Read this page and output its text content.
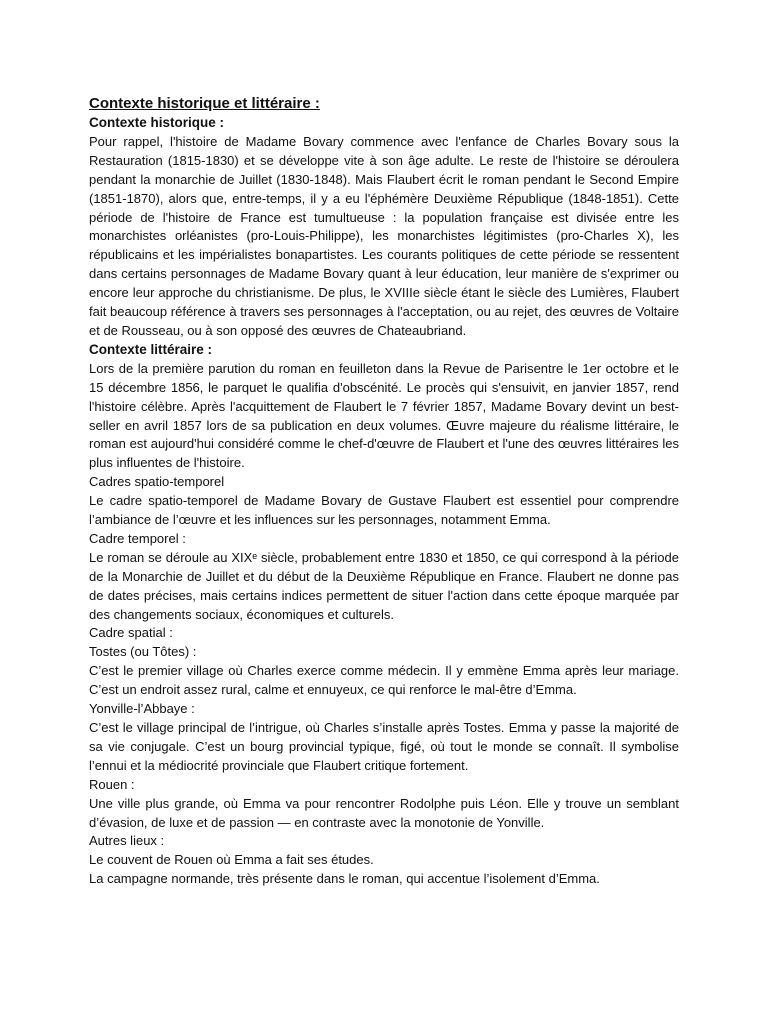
Contexte historique et littéraire :

Contexte historique :

Pour rappel, l'histoire de Madame Bovary commence avec l'enfance de Charles Bovary sous la Restauration (1815-1830) et se développe vite à son âge adulte. Le reste de l'histoire se déroulera pendant la monarchie de Juillet (1830-1848). Mais Flaubert écrit le roman pendant le Second Empire (1851-1870), alors que, entre-temps, il y a eu l'éphémère Deuxième République (1848-1851). Cette période de l'histoire de France est tumultueuse : la population française est divisée entre les monarchistes orléanistes (pro-Louis-Philippe), les monarchistes légitimistes (pro-Charles X), les républicains et les impérialistes bonapartistes. Les courants politiques de cette période se ressentent dans certains personnages de Madame Bovary quant à leur éducation, leur manière de s'exprimer ou encore leur approche du christianisme. De plus, le XVIIIe siècle étant le siècle des Lumières, Flaubert fait beaucoup référence à travers ses personnages à l'acceptation, ou au rejet, des œuvres de Voltaire et de Rousseau, ou à son opposé des œuvres de Chateaubriand.

Contexte littéraire :

Lors de la première parution du roman en feuilleton dans la Revue de Parisentre le 1er octobre et le 15 décembre 1856, le parquet le qualifia d'obscénité. Le procès qui s'ensuivit, en janvier 1857, rend l'histoire célèbre. Après l'acquittement de Flaubert le 7 février 1857, Madame Bovary devint un best-seller en avril 1857 lors de sa publication en deux volumes. Œuvre majeure du réalisme littéraire, le roman est aujourd'hui considéré comme le chef-d'œuvre de Flaubert et l'une des œuvres littéraires les plus influentes de l'histoire.

Cadres spatio-temporel

Le cadre spatio-temporel de Madame Bovary de Gustave Flaubert est essentiel pour comprendre l’ambiance de l’œuvre et les influences sur les personnages, notamment Emma.

Cadre temporel :

Le roman se déroule au XIXᵉ siècle, probablement entre 1830 et 1850, ce qui correspond à la période de la Monarchie de Juillet et du début de la Deuxième République en France. Flaubert ne donne pas de dates précises, mais certains indices permettent de situer l'action dans cette époque marquée par des changements sociaux, économiques et culturels.

Cadre spatial :

Tostes (ou Tôtes) :

C’est le premier village où Charles exerce comme médecin. Il y emmène Emma après leur mariage. C’est un endroit assez rural, calme et ennuyeux, ce qui renforce le mal-être d’Emma.

Yonville-l’Abbaye :

C’est le village principal de l’intrigue, où Charles s’installe après Tostes. Emma y passe la majorité de sa vie conjugale. C’est un bourg provincial typique, figé, où tout le monde se connaît. Il symbolise l’ennui et la médiocrité provinciale que Flaubert critique fortement.

Rouen :

Une ville plus grande, où Emma va pour rencontrer Rodolphe puis Léon. Elle y trouve un semblant d’évasion, de luxe et de passion — en contraste avec la monotonie de Yonville.

Autres lieux :

Le couvent de Rouen où Emma a fait ses études.

La campagne normande, très présente dans le roman, qui accentue l’isolement d’Emma.
